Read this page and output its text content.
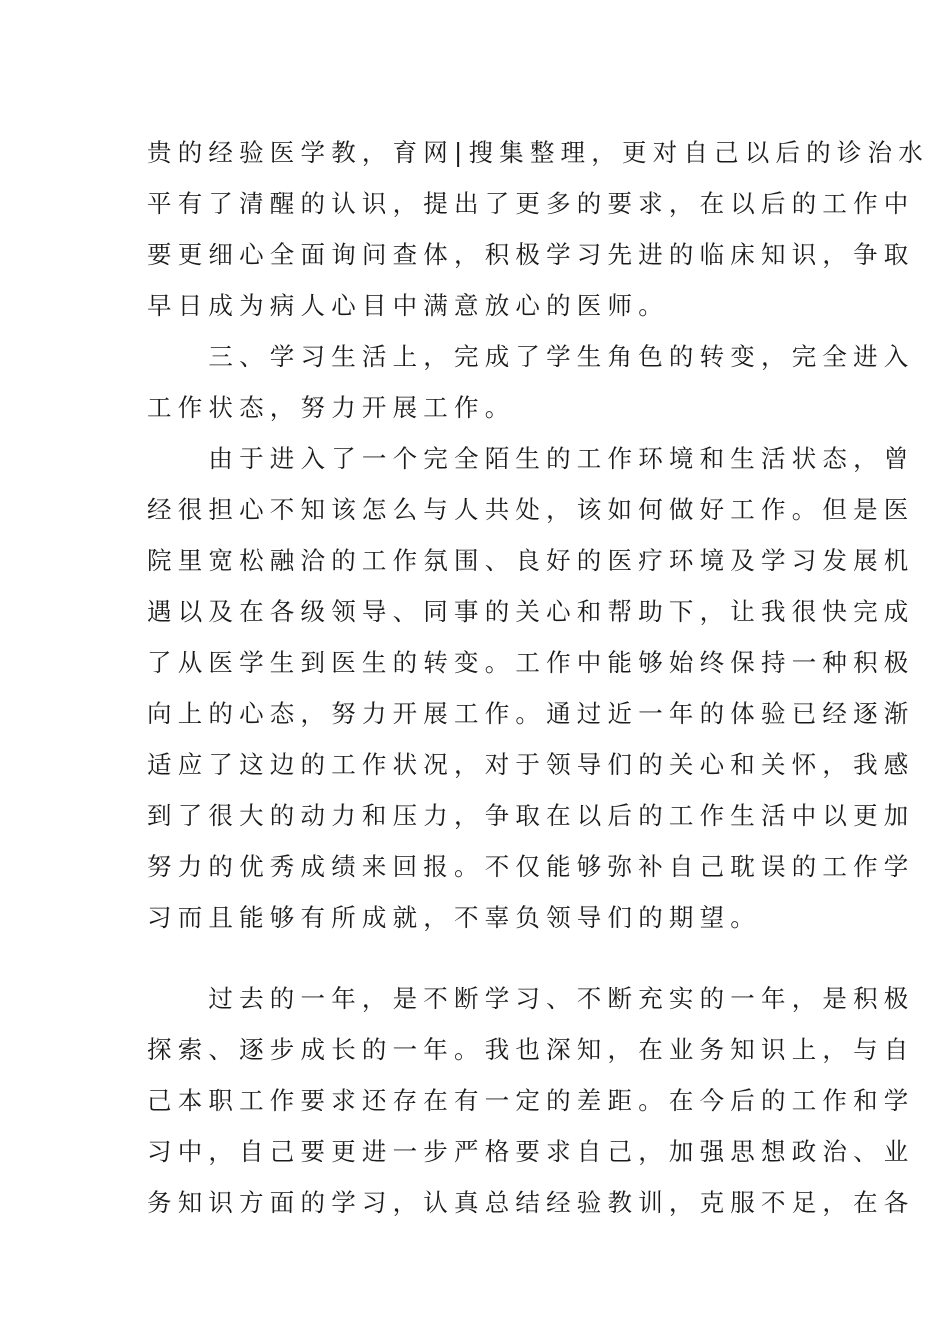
贵的经验医学教，育网|搜集整理，更对自己以后的诊治水
平有了清醒的认识，提出了更多的要求，在以后的工作中
要更细心全面询问查体，积极学习先进的临床知识，争取
早日成为病人心目中满意放心的医师。
　　三、学习生活上，完成了学生角色的转变，完全进入
工作状态，努力开展工作。
　　由于进入了一个完全陌生的工作环境和生活状态，曾
经很担心不知该怎么与人共处，该如何做好工作。但是医
院里宽松融洽的工作氛围、良好的医疗环境及学习发展机
遇以及在各级领导、同事的关心和帮助下，让我很快完成
了从医学生到医生的转变。工作中能够始终保持一种积极
向上的心态，努力开展工作。通过近一年的体验已经逐渐
适应了这边的工作状况，对于领导们的关心和关怀，我感
到了很大的动力和压力，争取在以后的工作生活中以更加
努力的优秀成绩来回报。不仅能够弥补自己耽误的工作学
习而且能够有所成就，不辜负领导们的期望。
　　过去的一年，是不断学习、不断充实的一年，是积极
探索、逐步成长的一年。我也深知，在业务知识上，与自
己本职工作要求还存在有一定的差距。在今后的工作和学
习中，自己要更进一步严格要求自己，加强思想政治、业
务知识方面的学习，认真总结经验教训，克服不足，在各
